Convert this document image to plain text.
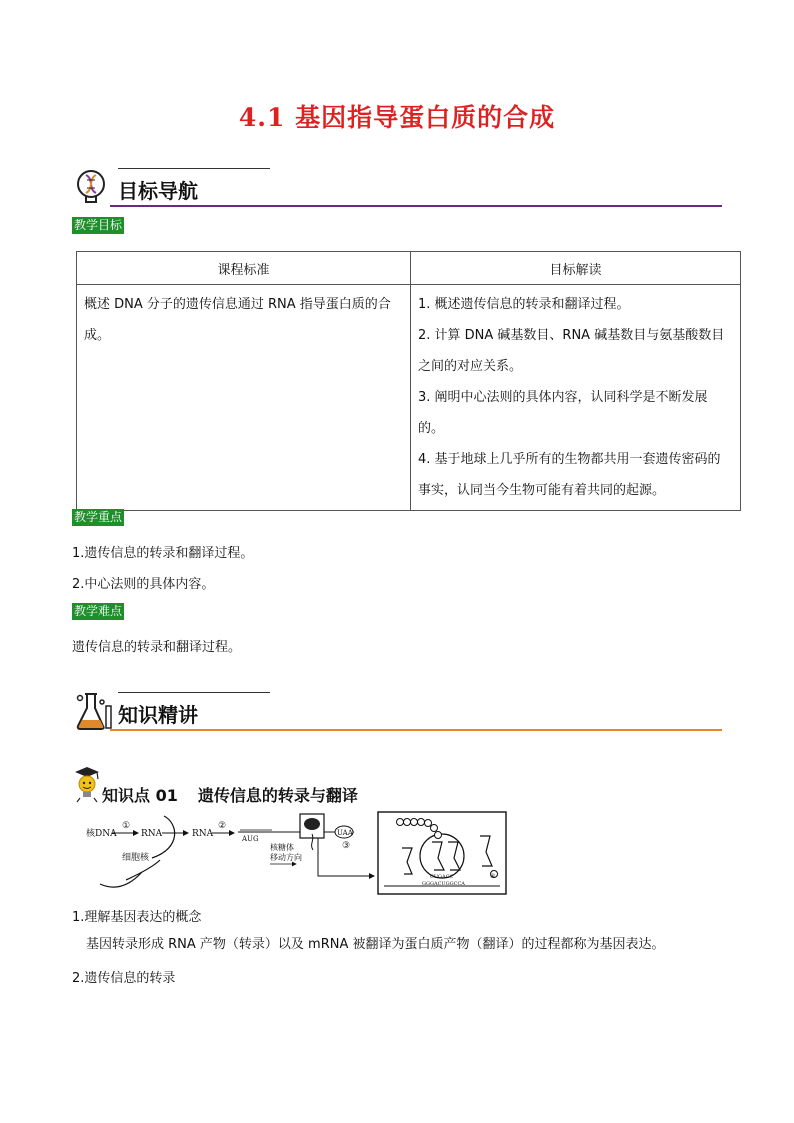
4.1 基因指导蛋白质的合成
目标导航
教学目标
课程标准	目标解读
概述 DNA 分子的遗传信息通过 RNA 指导蛋白质的合成。	1. 概述遗传信息的转录和翻译过程。
2. 计算 DNA 碱基数目、RNA 碱基数目与氨基酸数目之间的对应关系。
3. 阐明中心法则的具体内容，认同科学是不断发展的。
4. 基于地球上几乎所有的生物都共用一套遗传密码的事实，认同当今生物可能有着共同的起源。
教学重点
1.遗传信息的转录和翻译过程。
2.中心法则的具体内容。
教学难点
遗传信息的转录和翻译过程。
知识精讲
知识点 01 遗传信息的转录与翻译
核DNA
①
RNA	RNA
细胞核
②
AUG
核糖体
移动方向
UAA
③
④
CUGACC
GGGACUGGCCA
1.理解基因表达的概念
基因转录形成 RNA 产物（转录）以及 mRNA 被翻译为蛋白质产物（翻译）的过程都称为基因表达。
2.遗传信息的转录
